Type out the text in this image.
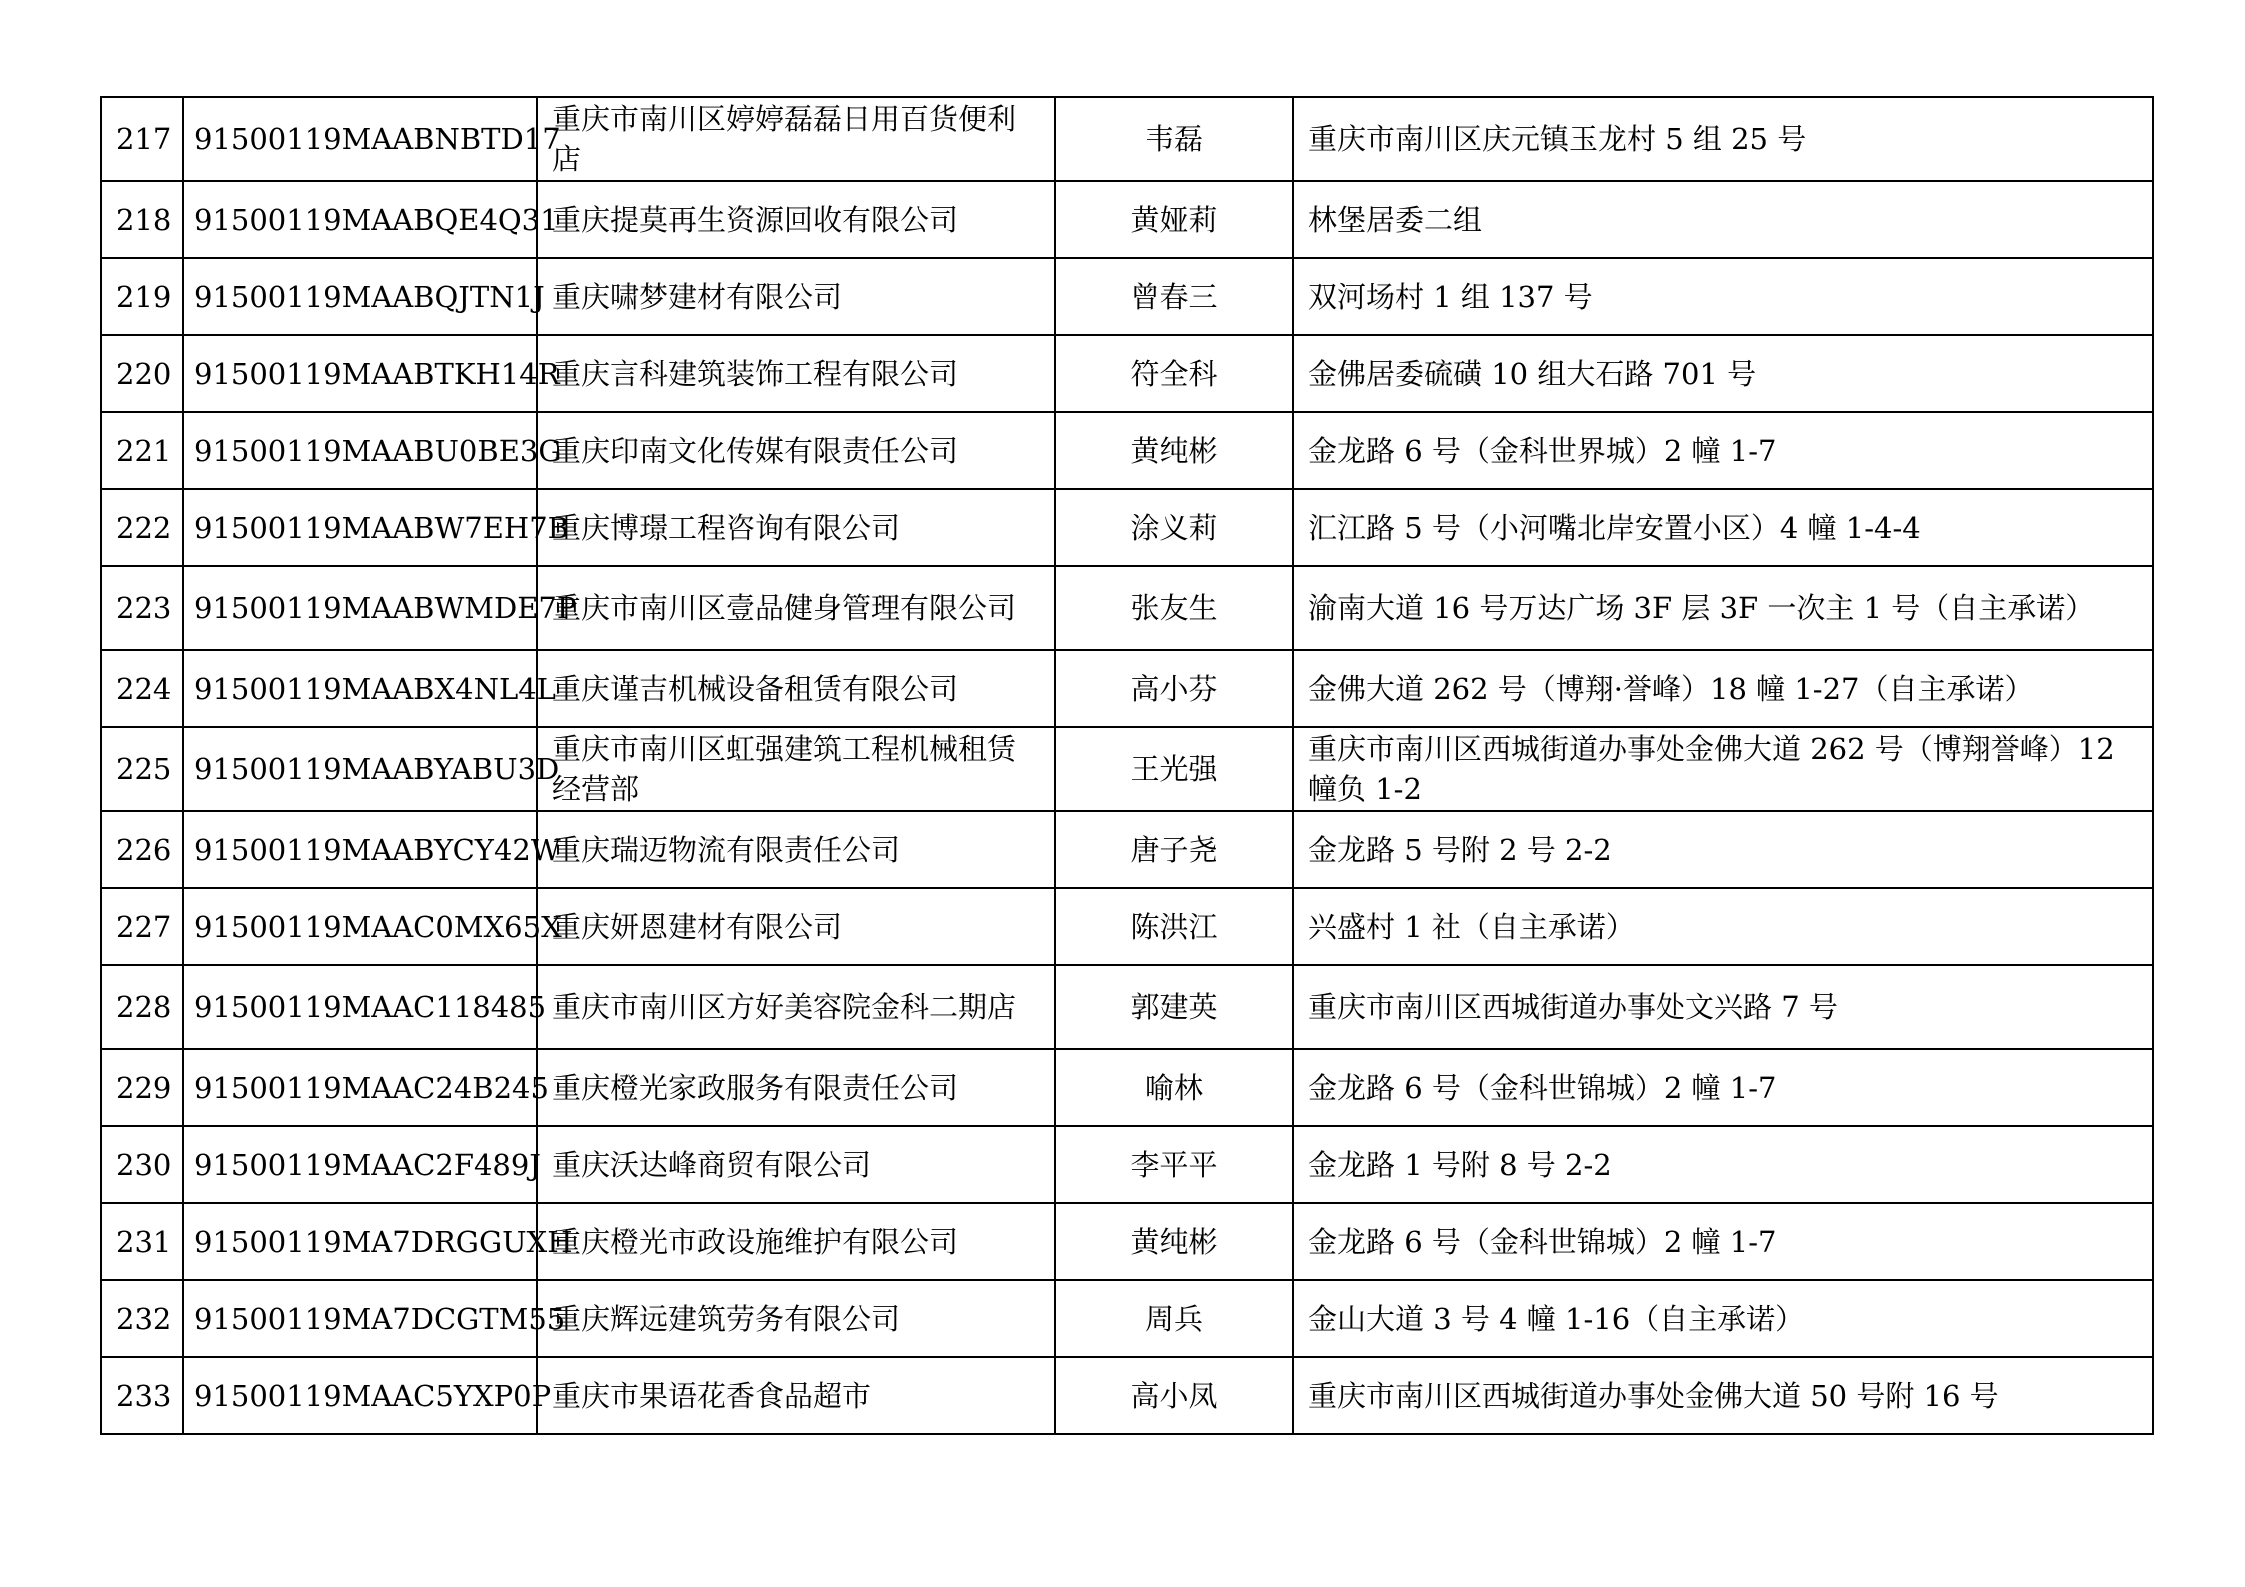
217	91500119MAABNBTD17	重庆市南川区婷婷磊磊日用百货便利店	韦磊	重庆市南川区庆元镇玉龙村 5 组 25 号
218	91500119MAABQE4Q31	重庆提莫再生资源回收有限公司	黄娅莉	林堡居委二组
219	91500119MAABQJTN1J	重庆啸梦建材有限公司	曾春三	双河场村 1 组 137 号
220	91500119MAABTKH14R	重庆言科建筑装饰工程有限公司	符全科	金佛居委硫磺 10 组大石路 701 号
221	91500119MAABU0BE3G	重庆印南文化传媒有限责任公司	黄纯彬	金龙路 6 号（金科世界城）2 幢 1-7
222	91500119MAABW7EH7B	重庆博璟工程咨询有限公司	涂义莉	汇江路 5 号（小河嘴北岸安置小区）4 幢 1-4-4
223	91500119MAABWMDE7P	重庆市南川区壹品健身管理有限公司	张友生	渝南大道 16 号万达广场 3F 层 3F 一次主 1 号（自主承诺）
224	91500119MAABX4NL4L	重庆谨吉机械设备租赁有限公司	高小芬	金佛大道 262 号（博翔·誉峰）18 幢 1-27（自主承诺）
225	91500119MAABYABU3D	重庆市南川区虹强建筑工程机械租赁经营部	王光强	重庆市南川区西城街道办事处金佛大道 262 号（博翔誉峰）12 幢负 1-2
226	91500119MAABYCY42W	重庆瑞迈物流有限责任公司	唐子尧	金龙路 5 号附 2 号 2-2
227	91500119MAAC0MX65X	重庆妍恩建材有限公司	陈洪江	兴盛村 1 社（自主承诺）
228	91500119MAAC118485	重庆市南川区方好美容院金科二期店	郭建英	重庆市南川区西城街道办事处文兴路 7 号
229	91500119MAAC24B245	重庆橙光家政服务有限责任公司	喻林	金龙路 6 号（金科世锦城）2 幢 1-7
230	91500119MAAC2F489J	重庆沃达峰商贸有限公司	李平平	金龙路 1 号附 8 号 2-2
231	91500119MA7DRGGUXH	重庆橙光市政设施维护有限公司	黄纯彬	金龙路 6 号（金科世锦城）2 幢 1-7
232	91500119MA7DCGTM55	重庆辉远建筑劳务有限公司	周兵	金山大道 3 号 4 幢 1-16（自主承诺）
233	91500119MAAC5YXP0P	重庆市果语花香食品超市	高小凤	重庆市南川区西城街道办事处金佛大道 50 号附 16 号
